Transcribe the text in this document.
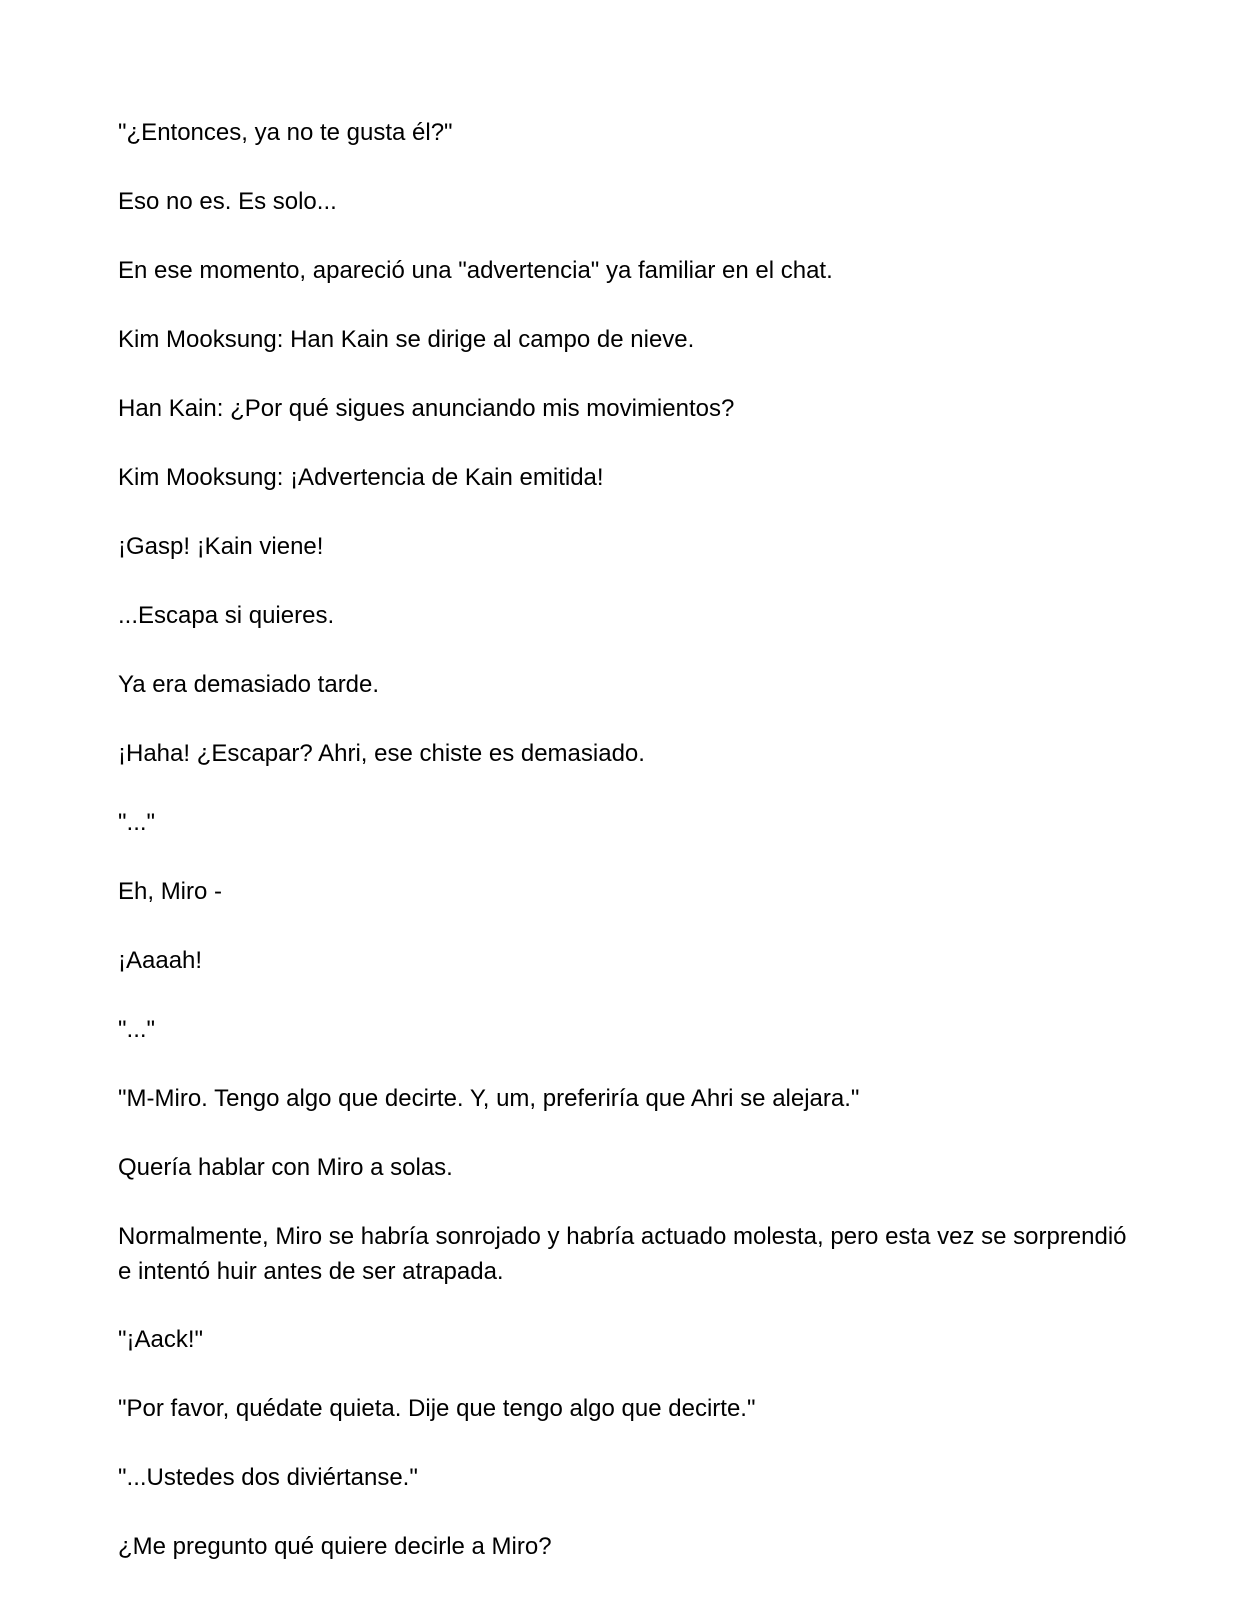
"¿Entonces, ya no te gusta él?"

Eso no es. Es solo...

En ese momento, apareció una "advertencia" ya familiar en el chat.

Kim Mooksung: Han Kain se dirige al campo de nieve.

Han Kain: ¿Por qué sigues anunciando mis movimientos?

Kim Mooksung: ¡Advertencia de Kain emitida!

¡Gasp! ¡Kain viene!

...Escapa si quieres.

Ya era demasiado tarde.

¡Haha! ¿Escapar? Ahri, ese chiste es demasiado.

"..."

Eh, Miro -

¡Aaaah!

"..."

"M-Miro. Tengo algo que decirte. Y, um, preferiría que Ahri se alejara."

Quería hablar con Miro a solas.

Normalmente, Miro se habría sonrojado y habría actuado molesta, pero esta vez se sorprendió e intentó huir antes de ser atrapada.

"¡Aack!"

"Por favor, quédate quieta. Dije que tengo algo que decirte."

"...Ustedes dos diviértanse."

¿Me pregunto qué quiere decirle a Miro?
